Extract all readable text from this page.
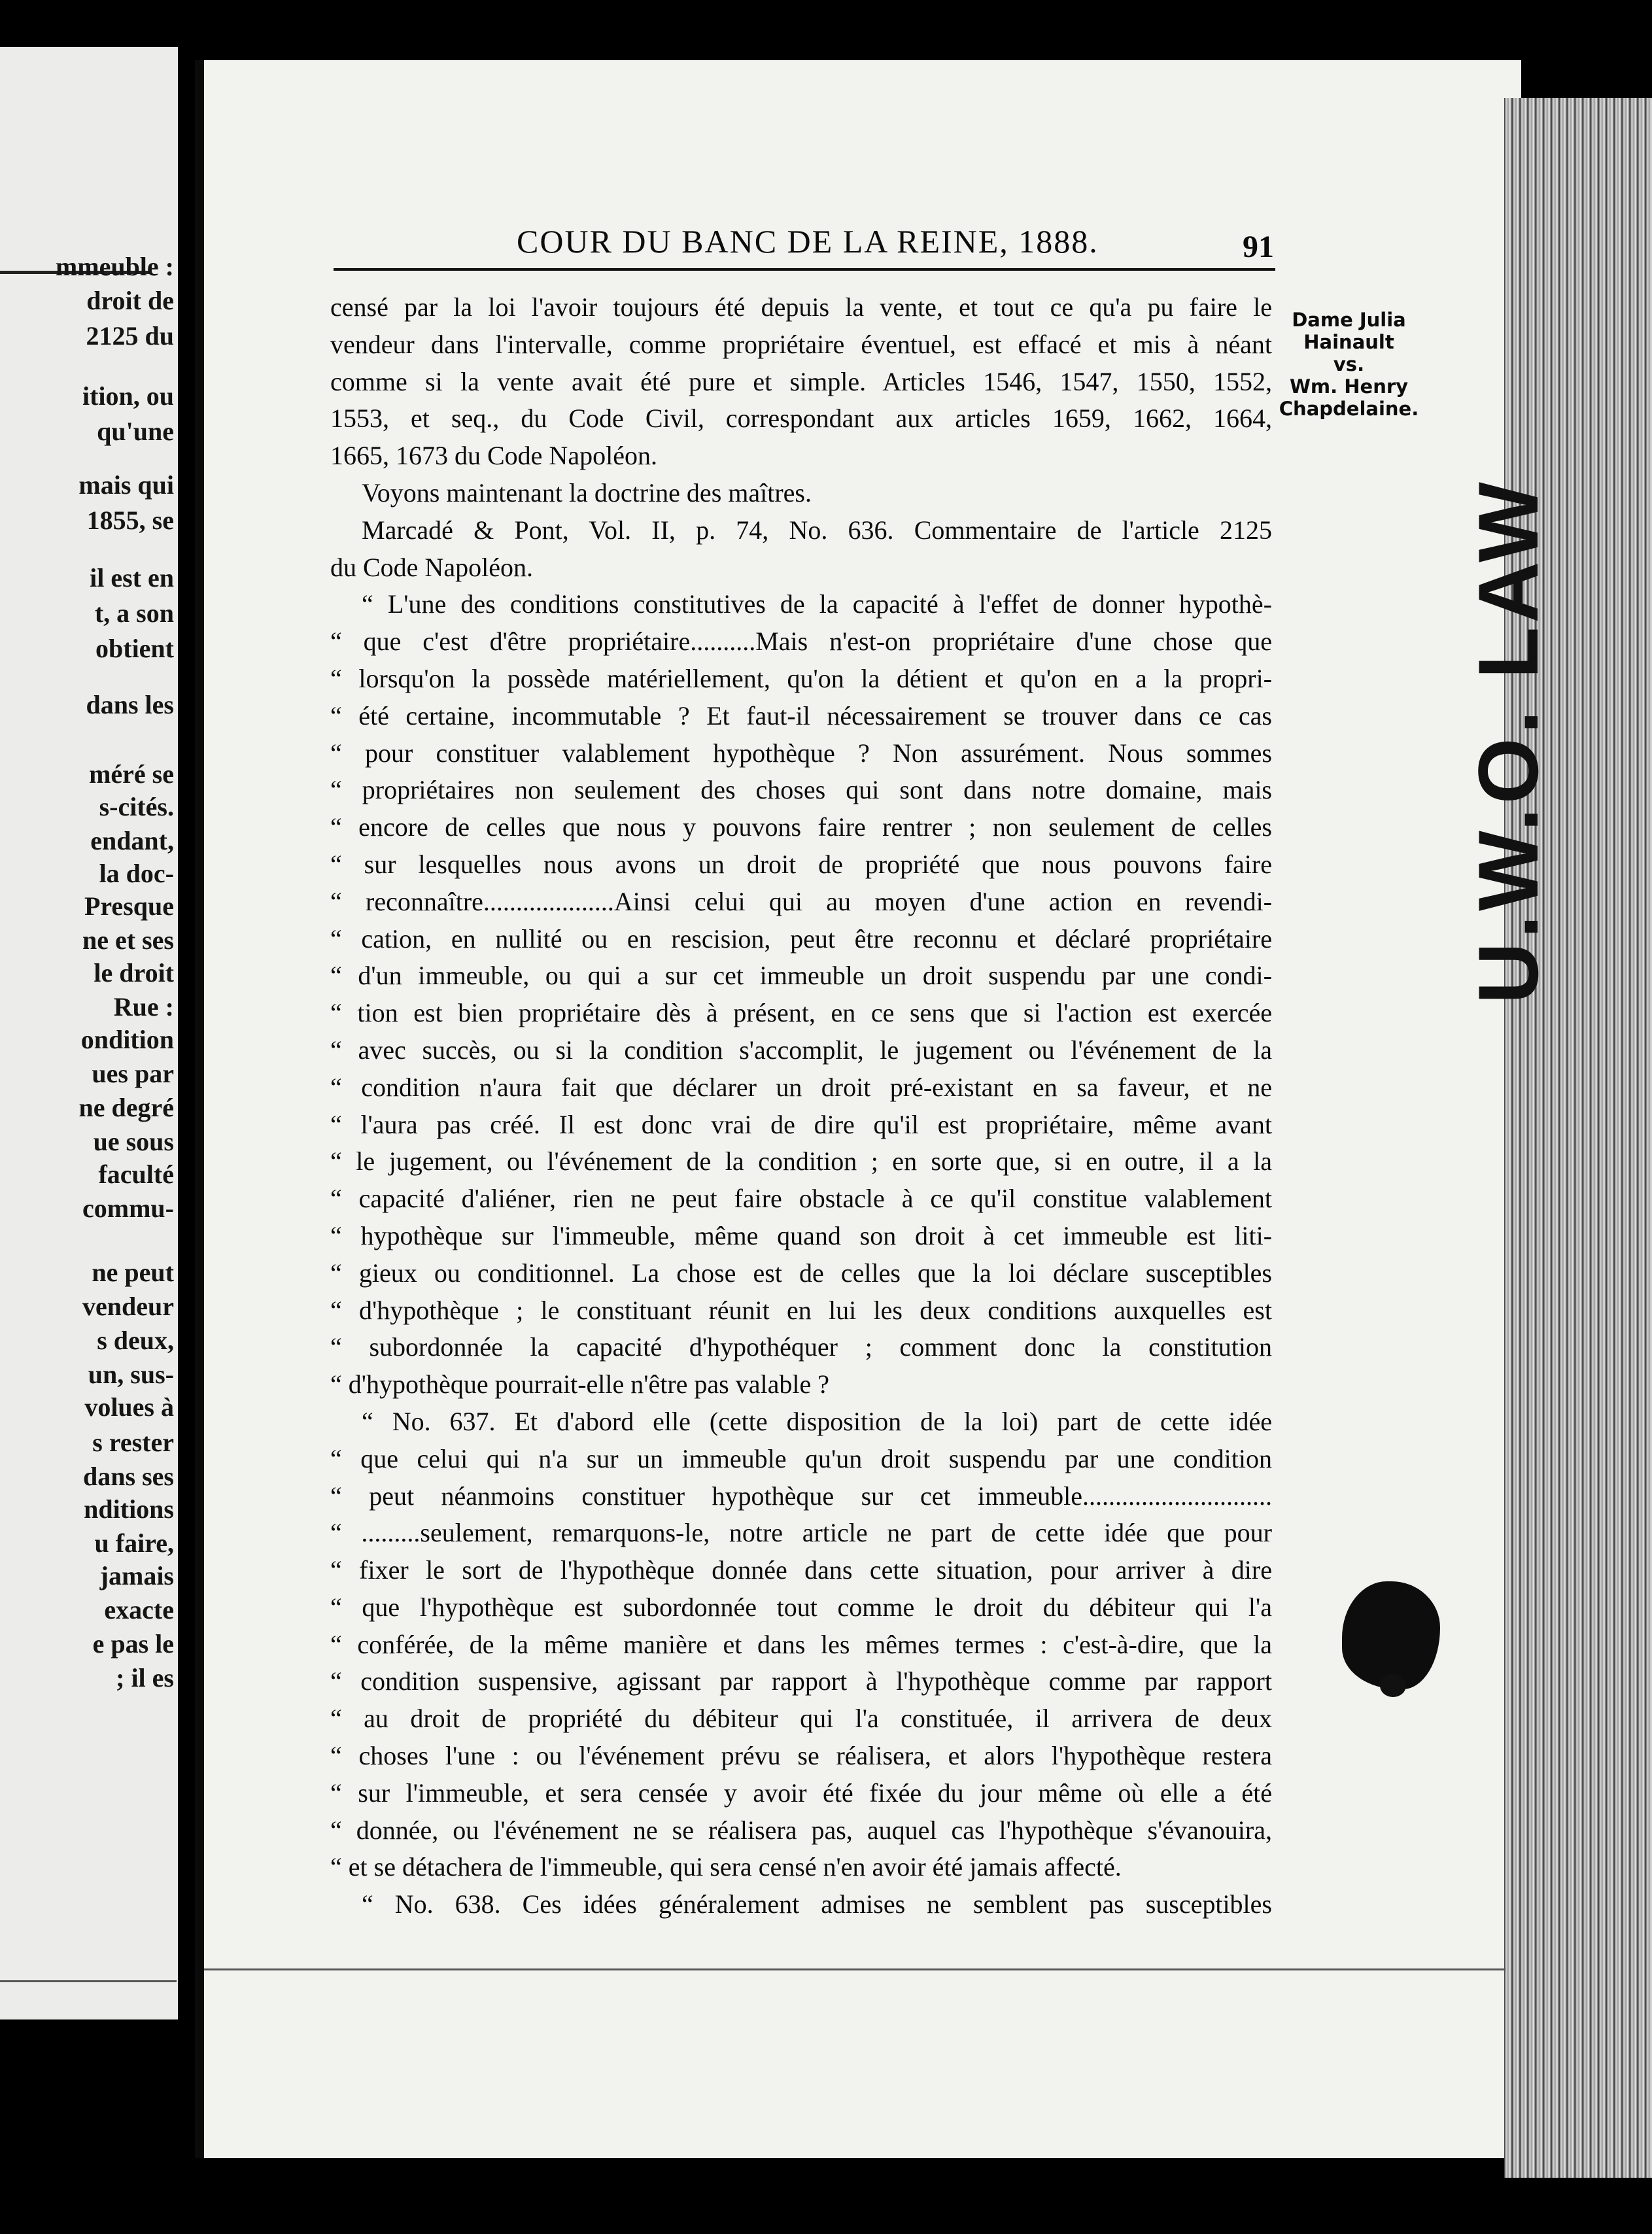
mmeuble :
droit de
2125 du
ition, ou
qu'une
mais qui
1855, se
il est en
t, a son
obtient
dans les
méré se
s-cités.
endant,
la doc-
Presque
ne et ses
le droit
Rue :
ondition
ues par
ne degré
ue sous
faculté
commu-
ne peut
vendeur
s deux,
un, sus-
volues à
s rester
dans ses
nditions
u faire,
jamais
exacte
e pas le
; il es
COUR DU BANC DE LA REINE, 1888.	91
Dame Julia
Hainault
vs.
Wm. Henry
Chapdelaine.
censé par la loi l'avoir toujours été depuis la vente, et tout ce qu'a pu faire le
vendeur dans l'intervalle, comme propriétaire éventuel, est effacé et mis à néant
comme si la vente avait été pure et simple. Articles 1546, 1547, 1550, 1552,
1553, et seq., du Code Civil, correspondant aux articles 1659, 1662, 1664,
1665, 1673 du Code Napoléon.
Voyons maintenant la doctrine des maîtres.
Marcadé & Pont, Vol. II, p. 74, No. 636. Commentaire de l'article 2125
du Code Napoléon.
“ L'une des conditions constitutives de la capacité à l'effet de donner hypothè-
“ que c'est d'être propriétaire..........Mais n'est-on propriétaire d'une chose que
“ lorsqu'on la possède matériellement, qu'on la détient et qu'on en a la propri-
“ été certaine, incommutable ? Et faut-il nécessairement se trouver dans ce cas
“ pour constituer valablement hypothèque ? Non assurément. Nous sommes
“ propriétaires non seulement des choses qui sont dans notre domaine, mais
“ encore de celles que nous y pouvons faire rentrer ; non seulement de celles
“ sur lesquelles nous avons un droit de propriété que nous pouvons faire
“ reconnaître....................Ainsi celui qui au moyen d'une action en revendi-
“ cation, en nullité ou en rescision, peut être reconnu et déclaré propriétaire
“ d'un immeuble, ou qui a sur cet immeuble un droit suspendu par une condi-
“ tion est bien propriétaire dès à présent, en ce sens que si l'action est exercée
“ avec succès, ou si la condition s'accomplit, le jugement ou l'événement de la
“ condition n'aura fait que déclarer un droit pré-existant en sa faveur, et ne
“ l'aura pas créé. Il est donc vrai de dire qu'il est propriétaire, même avant
“ le jugement, ou l'événement de la condition ; en sorte que, si en outre, il a la
“ capacité d'aliéner, rien ne peut faire obstacle à ce qu'il constitue valablement
“ hypothèque sur l'immeuble, même quand son droit à cet immeuble est liti-
“ gieux ou conditionnel. La chose est de celles que la loi déclare susceptibles
“ d'hypothèque ; le constituant réunit en lui les deux conditions auxquelles est
“ subordonnée la capacité d'hypothéquer ; comment donc la constitution
“ d'hypothèque pourrait-elle n'être pas valable ?
“ No. 637. Et d'abord elle (cette disposition de la loi) part de cette idée
“ que celui qui n'a sur un immeuble qu'un droit suspendu par une condition
“ peut néanmoins constituer hypothèque sur cet immeuble.............................
“ .........seulement, remarquons-le, notre article ne part de cette idée que pour
“ fixer le sort de l'hypothèque donnée dans cette situation, pour arriver à dire
“ que l'hypothèque est subordonnée tout comme le droit du débiteur qui l'a
“ conférée, de la même manière et dans les mêmes termes : c'est-à-dire, que la
“ condition suspensive, agissant par rapport à l'hypothèque comme par rapport
“ au droit de propriété du débiteur qui l'a constituée, il arrivera de deux
“ choses l'une : ou l'événement prévu se réalisera, et alors l'hypothèque restera
“ sur l'immeuble, et sera censée y avoir été fixée du jour même où elle a été
“ donnée, ou l'événement ne se réalisera pas, auquel cas l'hypothèque s'évanouira,
“ et se détachera de l'immeuble, qui sera censé n'en avoir été jamais affecté.
“ No. 638. Ces idées généralement admises ne semblent pas susceptibles
